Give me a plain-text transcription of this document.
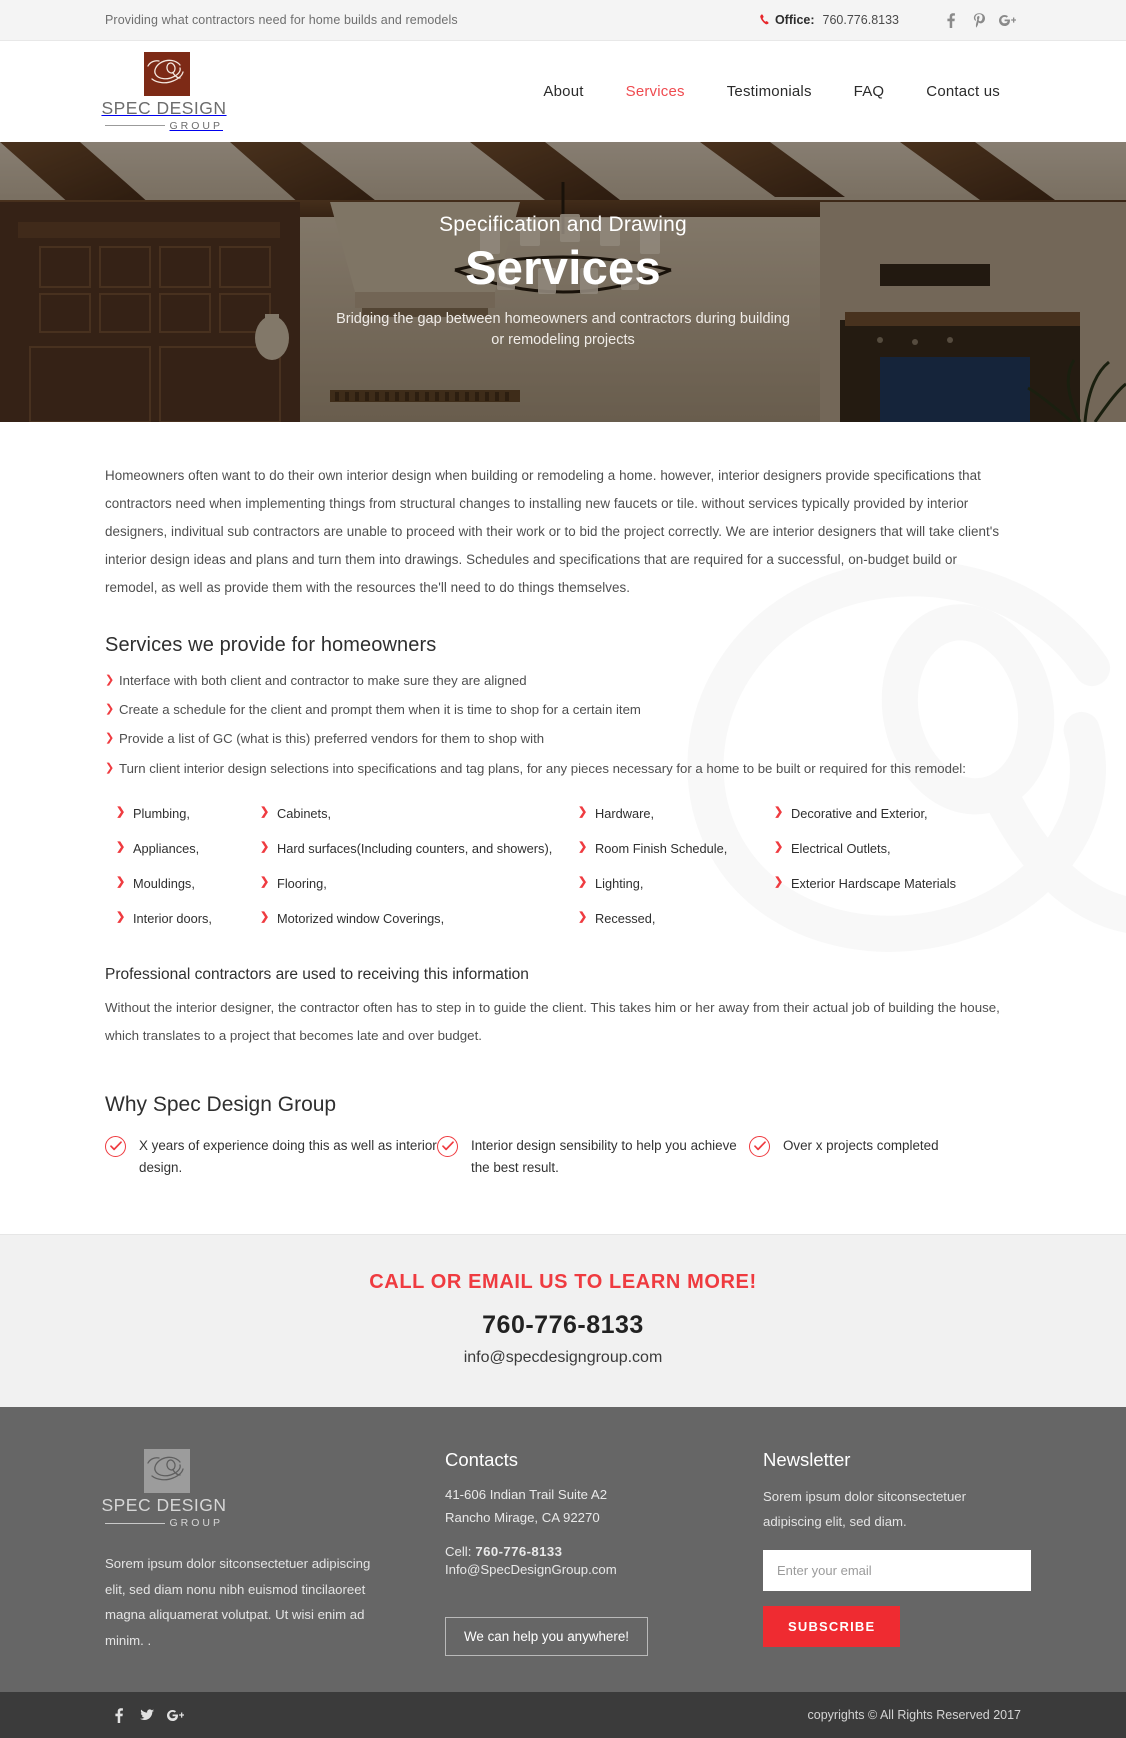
Providing what contractors need for home builds and remodels	Office: 760.776.8133
SPEC DESIGN
GROUP
About	Services	Testimonials	FAQ	Contact us
Specification and Drawing
Services
Bridging the gap between homeowners and contractors during building
or remodeling projects

Homeowners often want to do their own interior design when building or remodeling a home. however, interior designers provide specifications that contractors need when implementing things from structural changes to installing new faucets or tile. without services typically provided by interior designers, indivitual sub contractors are unable to proceed with their work or to bid the project correctly. We are interior designers that will take client's interior design ideas and plans and turn them into drawings. Schedules and specifications that are required for a successful, on-budget build or remodel, as well as provide them with the resources the'll need to do things themselves.

Services we provide for homeowners
❯ Interface with both client and contractor to make sure they are aligned
❯ Create a schedule for the client and prompt them when it is time to shop for a certain item
❯ Provide a list of GC (what is this) preferred vendors for them to shop with
❯ Turn client interior design selections into specifications and tag plans, for any pieces necessary for a home to be built or required for this remodel:
❯ Plumbing,	❯ Cabinets,	❯ Hardware,	❯ Decorative and Exterior,
❯ Appliances,	❯ Hard surfaces(Including counters, and showers),	❯ Room Finish Schedule,	❯ Electrical Outlets,
❯ Mouldings,	❯ Flooring,	❯ Lighting,	❯ Exterior Hardscape Materials
❯ Interior doors,	❯ Motorized window Coverings,	❯ Recessed,
Professional contractors are used to receiving this information

Without the interior designer, the contractor often has to step in to guide the client. This takes him or her away from their actual job of building the house, which translates to a project that becomes late and over budget.

Why Spec Design Group
X years of experience doing this as well as interior design.
Interior design sensibility to help you achieve the best result.
Over x projects completed
CALL OR EMAIL US TO LEARN MORE!
760-776-8133
info@specdesigngroup.com
SPEC DESIGN
GROUP

Sorem ipsum dolor sitconsectetuer adipiscing elit, sed diam nonu nibh euismod tincilaoreet magna aliquamerat volutpat. Ut wisi enim ad minim. .

Contacts
41-606 Indian Trail Suite A2
Rancho Mirage, CA 92270
Cell: 760-776-8133
Info@SpecDesignGroup.com
We can help you anywhere!
Newsletter

Sorem ipsum dolor sitconsectetuer adipiscing elit, sed diam.

Enter your email
SUBSCRIBE
copyrights © All Rights Reserved 2017
